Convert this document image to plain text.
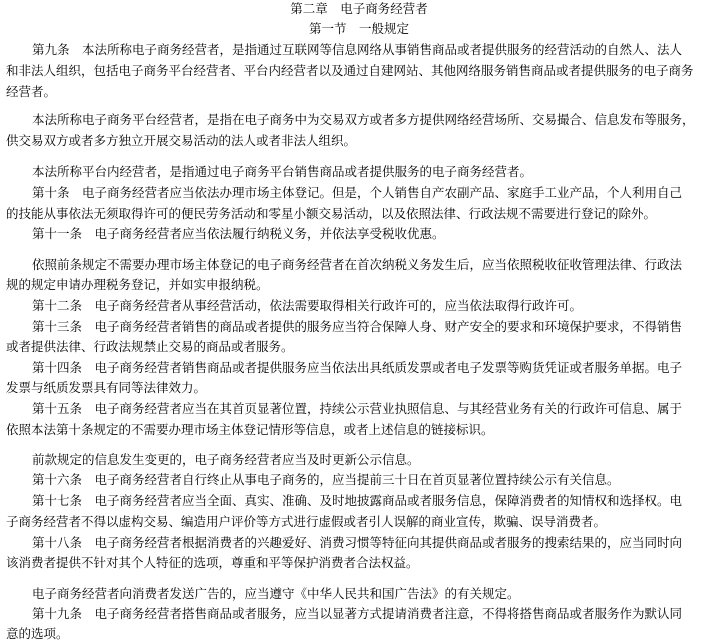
第二章　电子商务经营者
第一节　一般规定
第九条　本法所称电子商务经营者，是指通过互联网等信息网络从事销售商品或者提供服务的经营活动的自然人、法人
和非法人组织，包括电子商务平台经营者、平台内经营者以及通过自建网站、其他网络服务销售商品或者提供服务的电子商务
经营者。
本法所称电子商务平台经营者，是指在电子商务中为交易双方或者多方提供网络经营场所、交易撮合、信息发布等服务，
供交易双方或者多方独立开展交易活动的法人或者非法人组织。
本法所称平台内经营者，是指通过电子商务平台销售商品或者提供服务的电子商务经营者。
第十条　电子商务经营者应当依法办理市场主体登记。但是，个人销售自产农副产品、家庭手工业产品，个人利用自己
的技能从事依法无须取得许可的便民劳务活动和零星小额交易活动，以及依照法律、行政法规不需要进行登记的除外。
第十一条　电子商务经营者应当依法履行纳税义务，并依法享受税收优惠。
依照前条规定不需要办理市场主体登记的电子商务经营者在首次纳税义务发生后，应当依照税收征收管理法律、行政法
规的规定申请办理税务登记，并如实申报纳税。
第十二条　电子商务经营者从事经营活动，依法需要取得相关行政许可的，应当依法取得行政许可。
第十三条　电子商务经营者销售的商品或者提供的服务应当符合保障人身、财产安全的要求和环境保护要求，不得销售
或者提供法律、行政法规禁止交易的商品或者服务。
第十四条　电子商务经营者销售商品或者提供服务应当依法出具纸质发票或者电子发票等购货凭证或者服务单据。电子
发票与纸质发票具有同等法律效力。
第十五条　电子商务经营者应当在其首页显著位置，持续公示营业执照信息、与其经营业务有关的行政许可信息、属于
依照本法第十条规定的不需要办理市场主体登记情形等信息，或者上述信息的链接标识。
前款规定的信息发生变更的，电子商务经营者应当及时更新公示信息。
第十六条　电子商务经营者自行终止从事电子商务的，应当提前三十日在首页显著位置持续公示有关信息。
第十七条　电子商务经营者应当全面、真实、准确、及时地披露商品或者服务信息，保障消费者的知情权和选择权。电
子商务经营者不得以虚构交易、编造用户评价等方式进行虚假或者引人误解的商业宣传，欺骗、误导消费者。
第十八条　电子商务经营者根据消费者的兴趣爱好、消费习惯等特征向其提供商品或者服务的搜索结果的，应当同时向
该消费者提供不针对其个人特征的选项，尊重和平等保护消费者合法权益。
电子商务经营者向消费者发送广告的，应当遵守《中华人民共和国广告法》的有关规定。
第十九条　电子商务经营者搭售商品或者服务，应当以显著方式提请消费者注意，不得将搭售商品或者服务作为默认同
意的选项。
